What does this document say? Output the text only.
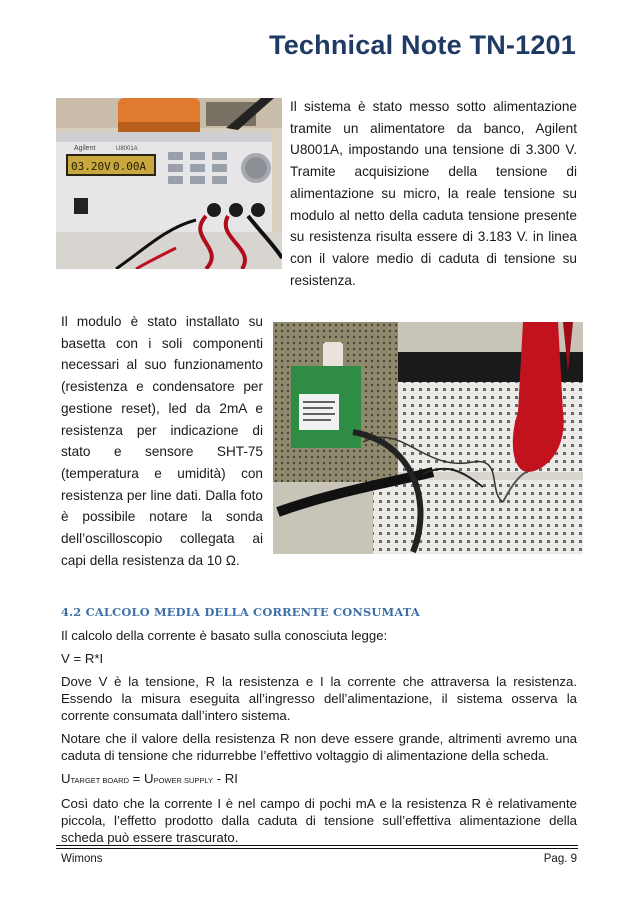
Technical Note TN-1201
Agilent	U8001A
03.20V 0.00A
Il sistema è stato messo sotto alimentazione tramite un alimentatore da banco, Agilent U8001A, impostando una tensione di 3.300 V. Tramite acquisizione della tensione di alimentazione su micro, la reale tensione su modulo al netto della caduta tensione presente su resistenza risulta essere di 3.183 V. in linea con il valore medio di caduta di tensione su resistenza.
Il modulo è stato installato su basetta con i soli componenti necessari al suo funzionamento (resistenza e condensatore per gestione reset), led da 2mA e resistenza per indicazione di stato e sensore SHT-75 (temperatura e umidità) con resistenza per line dati. Dalla foto è possibile notare la sonda dell’oscilloscopio collegata ai capi della resistenza da 10 Ω.
4.2 CALCOLO MEDIA DELLA CORRENTE CONSUMATA

Il calcolo della corrente è basato sulla conosciuta legge:

V = R*I

Dove V è la tensione, R la resistenza e I la corrente che attraversa la resistenza. Essendo la misura eseguita all’ingresso dell’alimentazione, il sistema osserva la corrente consumata dall’intero sistema.

Notare che il valore della resistenza R non deve essere grande, altrimenti avremo una caduta di tensione che ridurrebbe l’effettivo voltaggio di alimentazione della scheda.

UTARGET BOARD = UPOWER SUPPLY - RI

Così dato che la corrente I è nel campo di pochi mA e la resistenza R è relativamente piccola, l’effetto prodotto dalla caduta di tensione sull’effettiva alimentazione della scheda può essere trascurato.

Wimons	Pag. 9
